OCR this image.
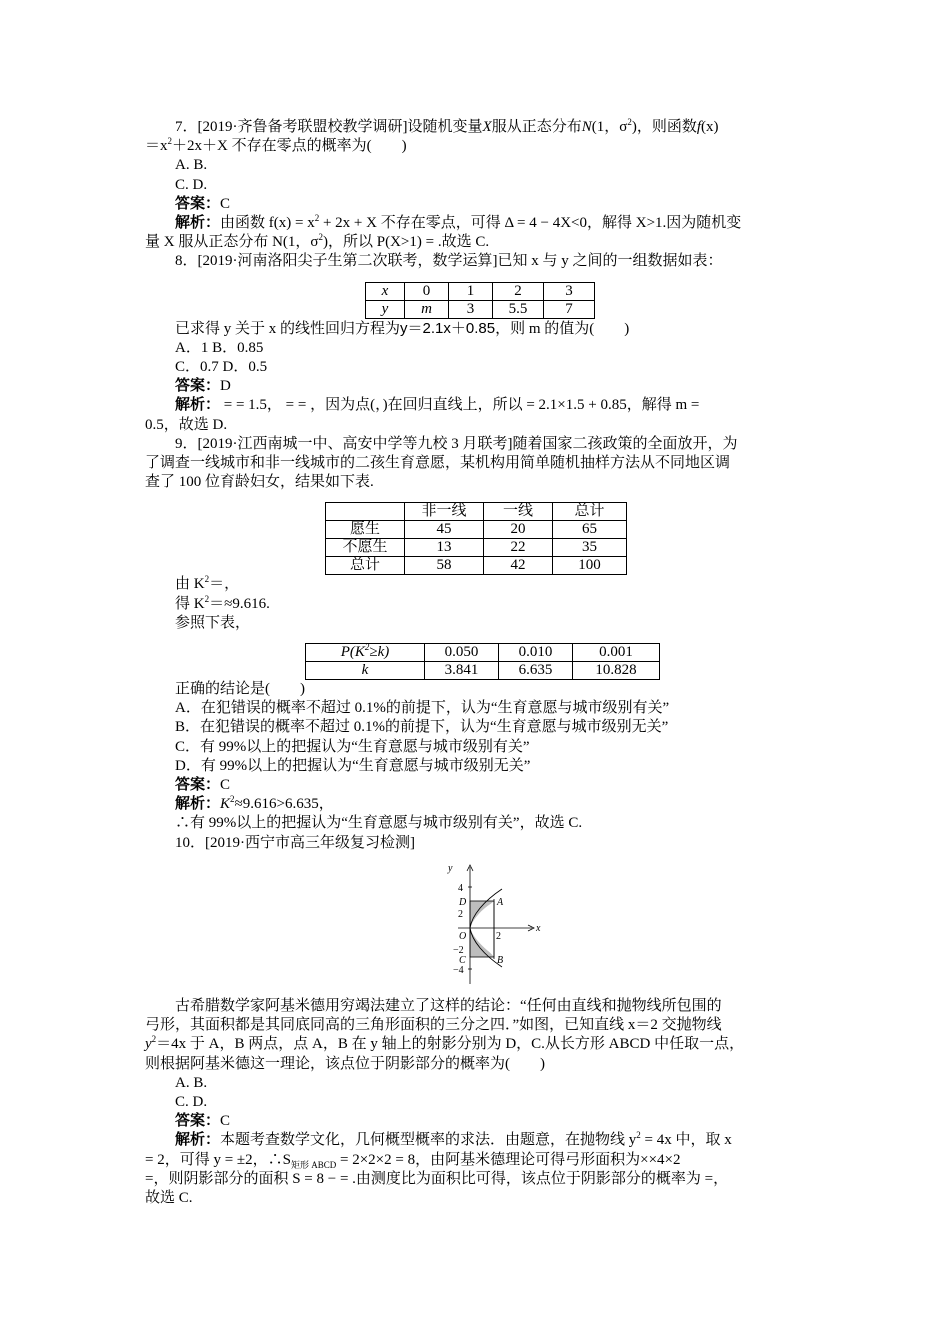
7．[2019·齐鲁备考联盟校教学调研]设随机变量X服从正态分布N(1，$\sigma^2$)，则函数f(x)

$=x^2+2x+X$ 不存在零点的概率为(　　)

A. B.

C. D.

答案：C

解析：由函数 $f(x) = x^2 + 2x + X$ 不存在零点，可得 Δ = 4 − 4X<0，解得 X>1.因为随机变

量 X 服从正态分布 N(1，$\sigma^2$)，所以 P(X>1) = .故选 C.

8．[2019·河南洛阳尖子生第二次联考，数学运算]已知 x 与 y 之间的一组数据如表：

x	0	1	2	3
y	m	3	5.5	7

已求得 y 关于 x 的线性回归方程为y＝2.1x＋0.85，则 m 的值为(　　)

A．1 B．0.85

C．0.7 D．0.5

答案：D

解析： = = 1.5， = = ，因为点(，)在回归直线上，所以 = 2.1×1.5 + 0.85，解得 m =

0.5，故选 D.

9．[2019·江西南城一中、高安中学等九校 3 月联考]随着国家二孩政策的全面放开，为

了调查一线城市和非一线城市的二孩生育意愿，某机构用简单随机抽样方法从不同地区调

查了 100 位育龄妇女，结果如下表.

	非一线	一线	总计
愿生	45	20	65
不愿生	13	22	35
总计	58	42	100

由 $K^2=$，

得 $K^2=\approx 9.616$.

参照下表，

$P(K^2\ge k)$	0.050	0.010	0.001
k	3.841	6.635	10.828

正确的结论是(　　)

A．在犯错误的概率不超过 0.1%的前提下，认为“生育意愿与城市级别有关”

B．在犯错误的概率不超过 0.1%的前提下，认为“生育意愿与城市级别无关”

C．有 99%以上的把握认为“生育意愿与城市级别有关”

D．有 99%以上的把握认为“生育意愿与城市级别无关”

答案：C

解析：$K^2\approx 9.616>6.635$，

∴有 99%以上的把握认为“生育意愿与城市级别有关”，故选 C.

10．[2019·西宁市高三年级复习检测]

y
x
4
2
O
−2
−4
2
D	A
C	B

古希腊数学家阿基米德用穷竭法建立了这样的结论：“任何由直线和抛物线所包围的

弓形，其面积都是其同底同高的三角形面积的三分之四．”如图，已知直线 x＝2 交抛物线

$y^2=4x$ 于 A，B 两点，点 A，B 在 y 轴上的射影分别为 D，C.从长方形 ABCD 中任取一点，

则根据阿基米德这一理论，该点位于阴影部分的概率为(　　)

A. B.

C. D.

答案：C

解析：本题考查数学文化，几何概型概率的求法．由题意，在抛物线 $y^2 = 4x$ 中，取 x

= 2，可得 y = ±2，$\therefore S_{矩形 ABCD} = 2\times 2\times 2 = 8$，由阿基米德理论可得弓形面积为××4×2

=，则阴影部分的面积 S = 8 − = .由测度比为面积比可得，该点位于阴影部分的概率为 =，

故选 C.
